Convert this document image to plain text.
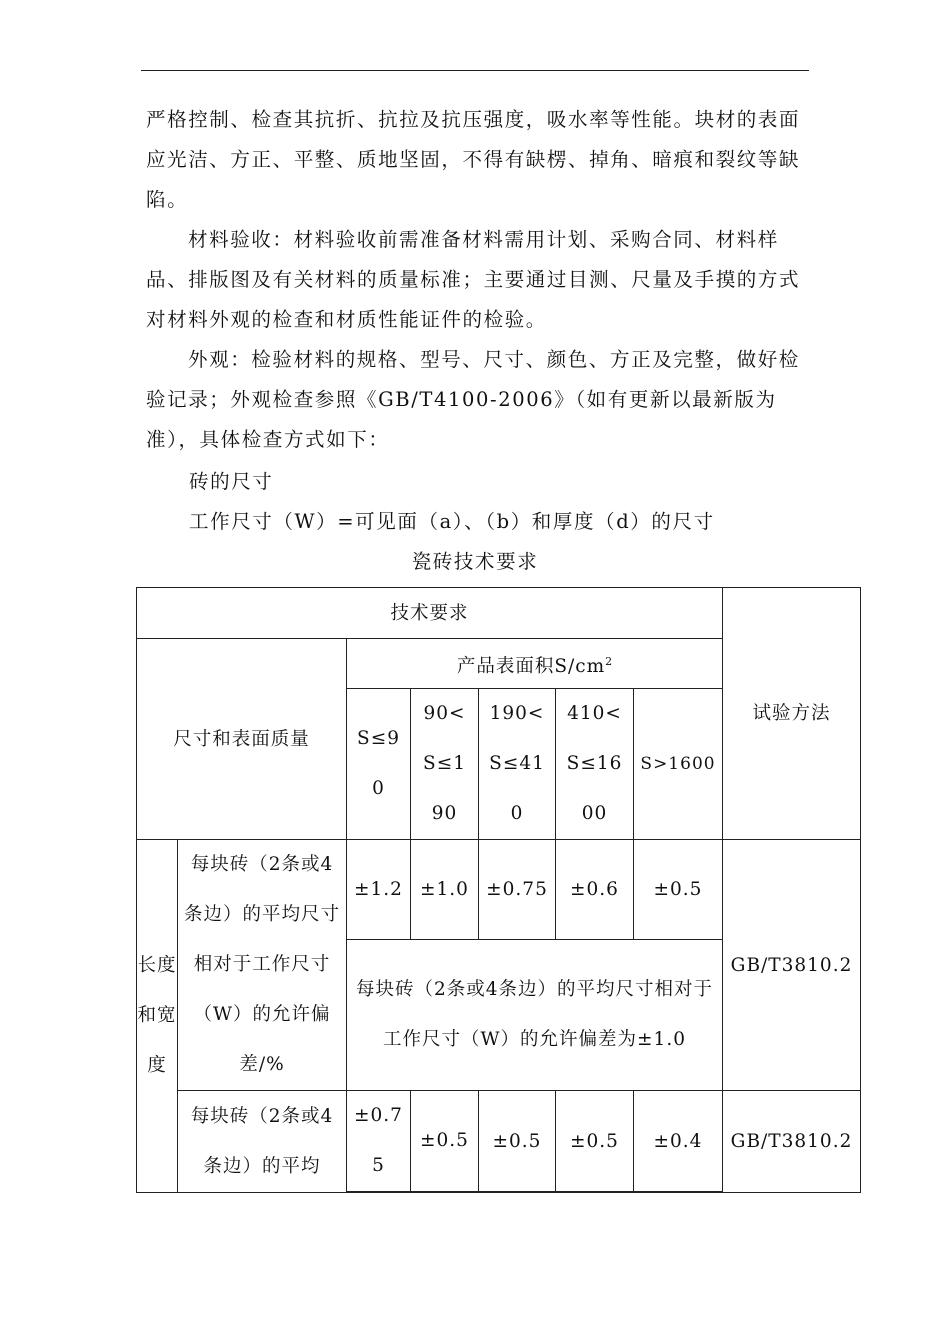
严格控制、检查其抗折、抗拉及抗压强度，吸水率等性能。块材的表面应光洁、方正、平整、质地坚固，不得有缺楞、掉角、暗痕和裂纹等缺陷。

材料验收：材料验收前需准备材料需用计划、采购合同、材料样品、排版图及有关材料的质量标准；主要通过目测、尺量及手摸的方式对材料外观的检查和材质性能证件的检验。

外观：检验材料的规格、型号、尺寸、颜色、方正及完整，做好检验记录；外观检查参照《GB/T4100-2006》（如有更新以最新版为准），具体检查方式如下：

砖的尺寸
工作尺寸（W）=可见面（a）、（b）和厚度（d）的尺寸
瓷砖技术要求
技术要求							试验方法
尺寸和表面质量		产品表面积$S/cm^2$
		S≤90	90<S≤190	190<S≤410	410<S≤1600	S>1600	
长度和宽度	每块砖（2条或4条边）的平均尺寸相对于工作尺寸（W）的允许偏差/%	±1.2	±1.0	±0.75	±0.6	±0.5	GB/T3810.2
		每块砖（2条或4条边）的平均尺寸相对于工作尺寸（W）的允许偏差为±1.0					
	每块砖（2条或4条边）的平均	±0.75	±0.5	±0.5	±0.5	±0.4	GB/T3810.2
